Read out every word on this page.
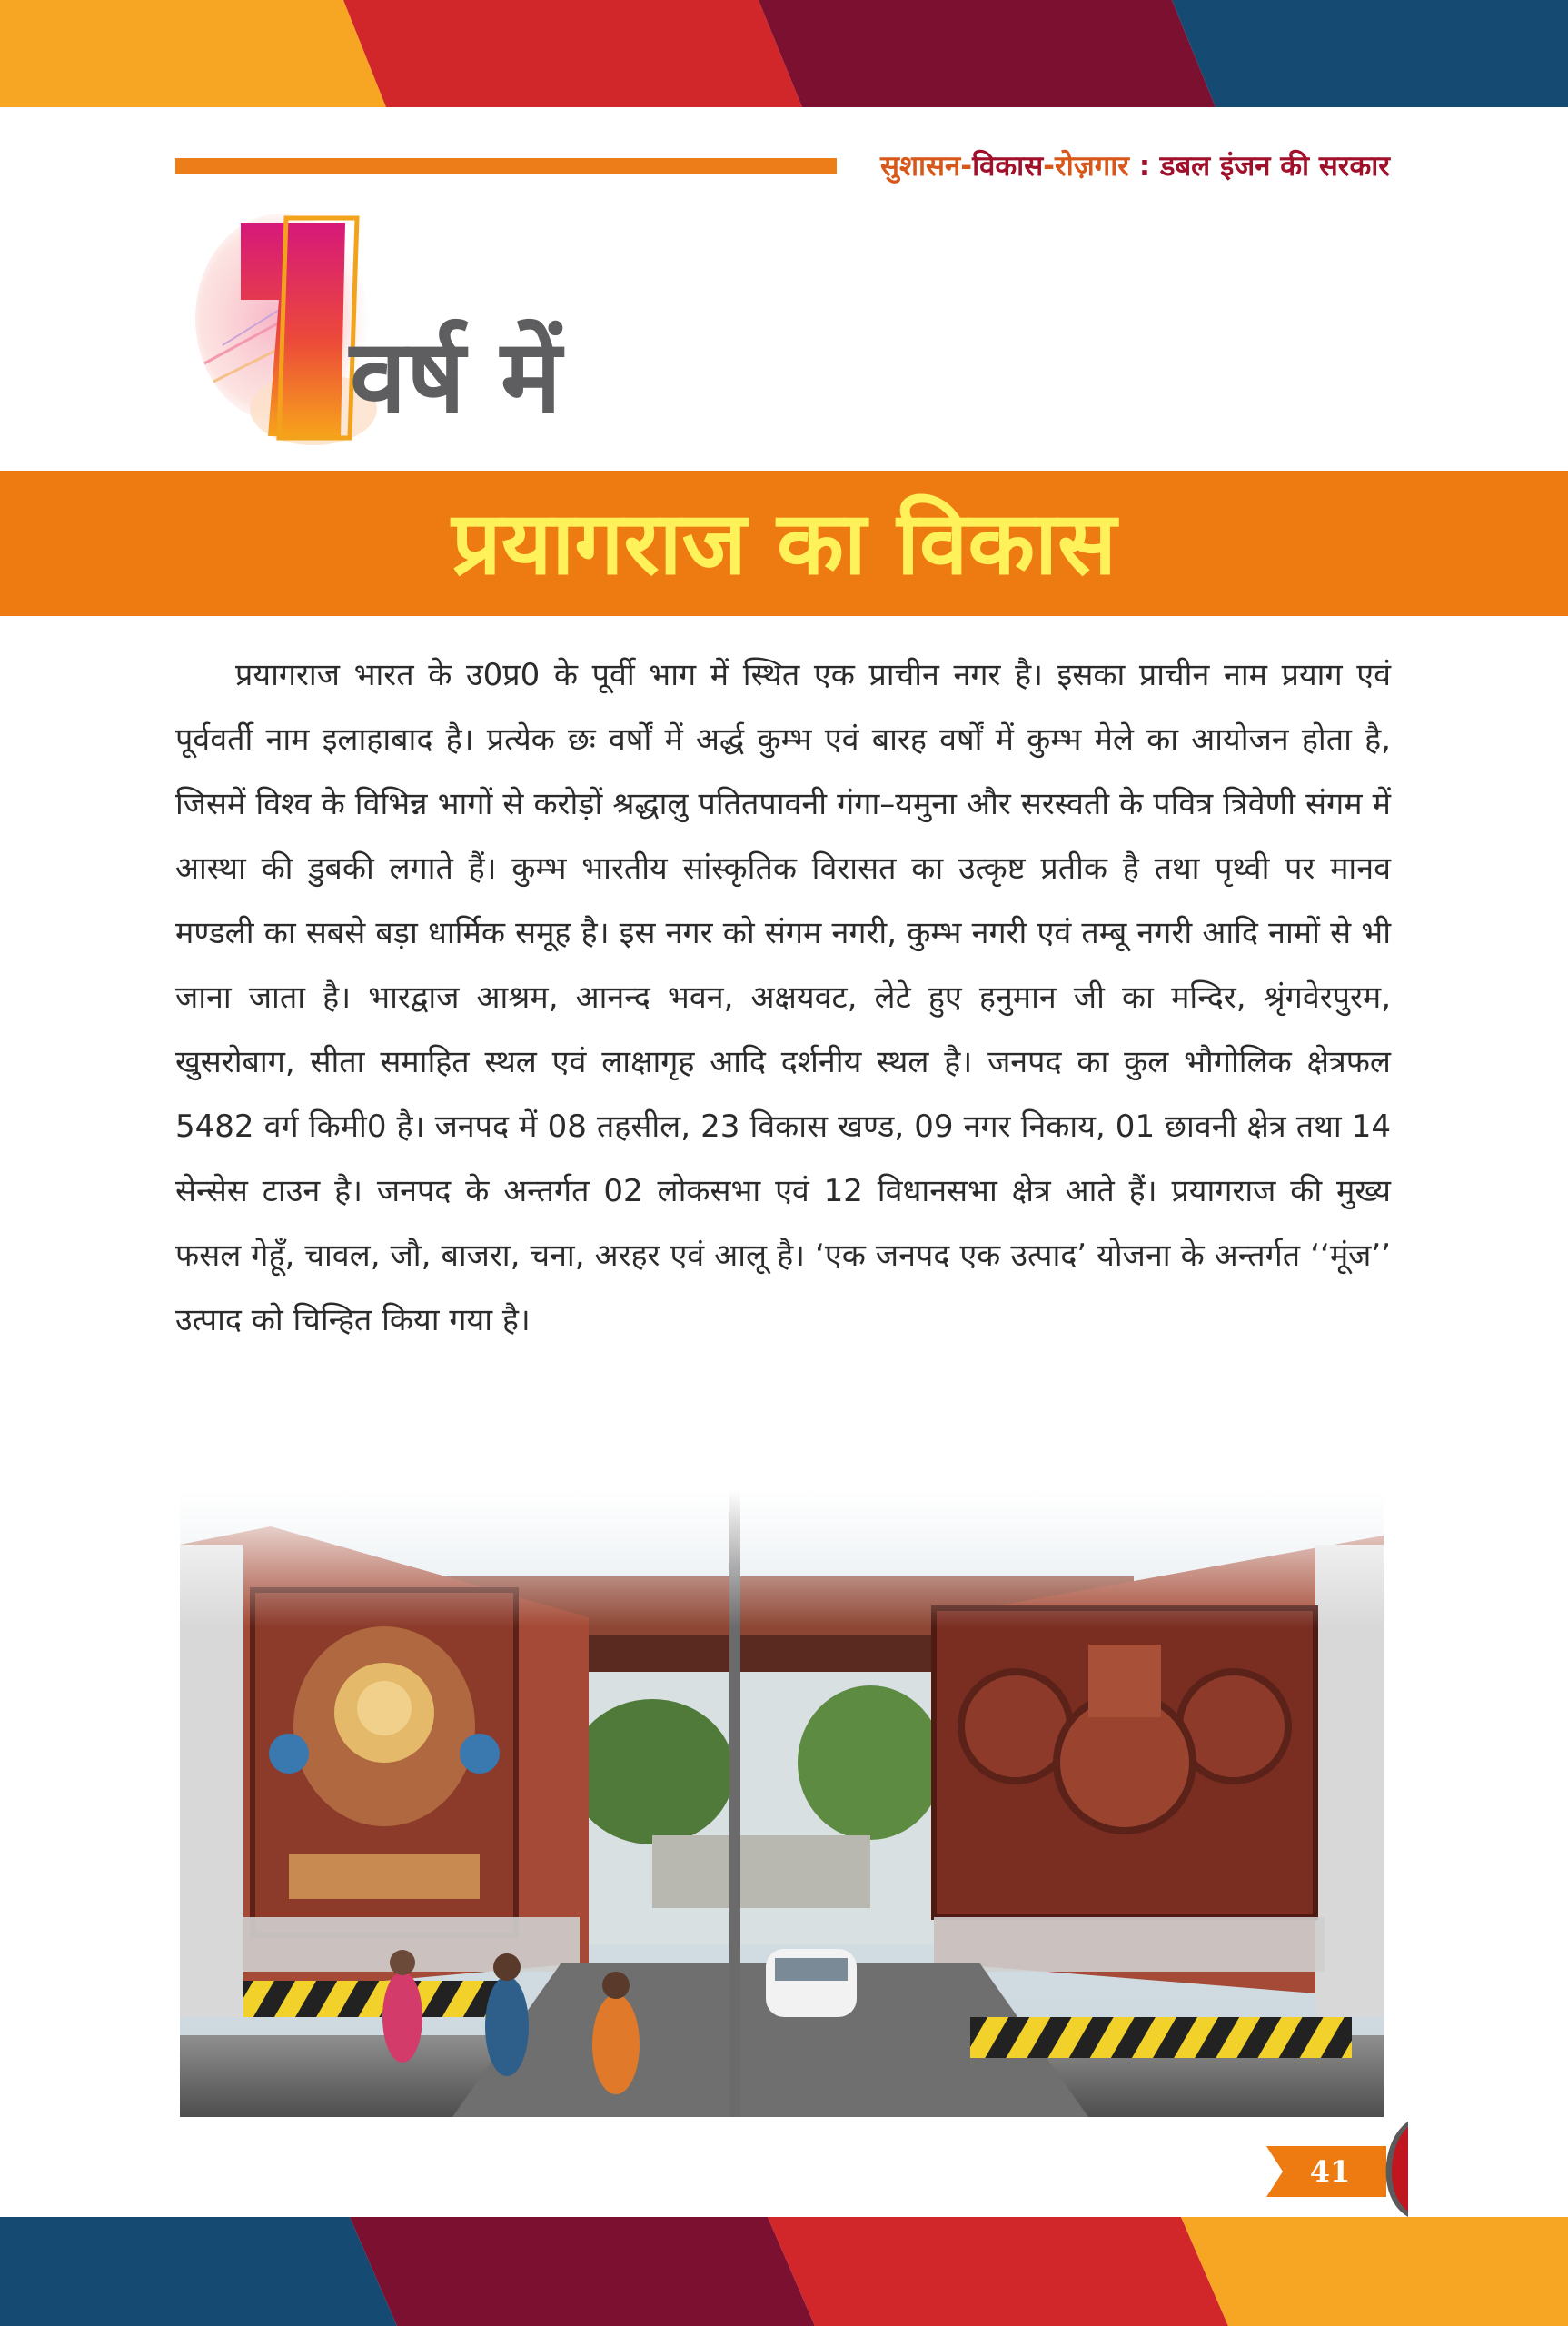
सुशासन-विकास-रोज़गार : डबल इंजन की सरकार
वर्ष में
प्रयागराज का विकास

प्रयागराज भारत के उ0प्र0 के पूर्वी भाग में स्थित एक प्राचीन नगर है। इसका प्राचीन नाम प्रयाग एवं पूर्ववर्ती नाम इलाहाबाद है। प्रत्येक छः वर्षों में अर्द्ध कुम्भ एवं बारह वर्षों में कुम्भ मेले का आयोजन होता है, जिसमें विश्व के विभिन्न भागों से करोड़ों श्रद्धालु पतितपावनी गंगा–यमुना और सरस्वती के पवित्र त्रिवेणी संगम में आस्था की डुबकी लगाते हैं। कुम्भ भारतीय सांस्कृतिक विरासत का उत्कृष्ट प्रतीक है तथा पृथ्वी पर मानव मण्डली का सबसे बड़ा धार्मिक समूह है। इस नगर को संगम नगरी, कुम्भ नगरी एवं तम्बू नगरी आदि नामों से भी जाना जाता है। भारद्वाज आश्रम, आनन्द भवन, अक्षयवट, लेटे हुए हनुमान जी का मन्दिर, श्रृंगवेरपुरम, खुसरोबाग, सीता समाहित स्थल एवं लाक्षागृह आदि दर्शनीय स्थल है। जनपद का कुल भौगोलिक क्षेत्रफल 5482 वर्ग किमी0 है। जनपद में 08 तहसील, 23 विकास खण्ड, 09 नगर निकाय, 01 छावनी क्षेत्र तथा 14 सेन्सेस टाउन है। जनपद के अन्तर्गत 02 लोकसभा एवं 12 विधानसभा क्षेत्र आते हैं। प्रयागराज की मुख्य फसल गेहूँ, चावल, जौ, बाजरा, चना, अरहर एवं आलू है। ‘एक जनपद एक उत्पाद’ योजना के अन्तर्गत ‘‘मूंज’’ उत्पाद को चिन्हित किया गया है।

41
